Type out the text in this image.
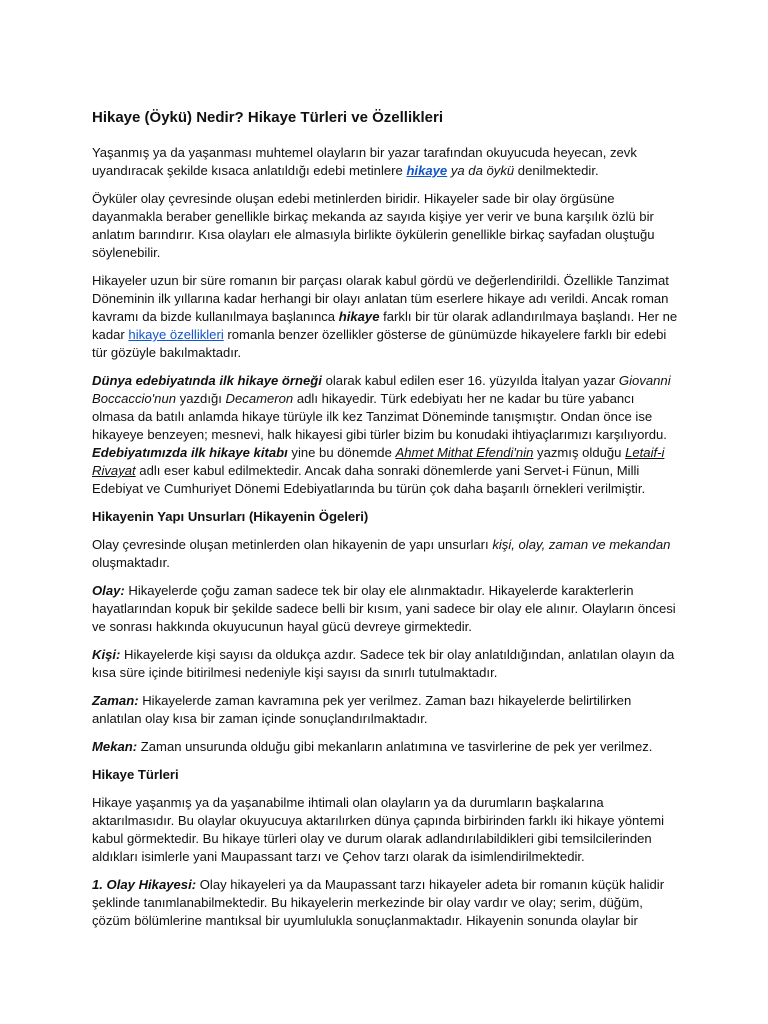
Hikaye (Öykü) Nedir? Hikaye Türleri ve Özellikleri

Yaşanmış ya da yaşanması muhtemel olayların bir yazar tarafından okuyucuda heyecan, zevk uyandıracak şekilde kısaca anlatıldığı edebi metinlere hikaye ya da öykü denilmektedir.

Öyküler olay çevresinde oluşan edebi metinlerden biridir. Hikayeler sade bir olay örgüsüne dayanmakla beraber genellikle birkaç mekanda az sayıda kişiye yer verir ve buna karşılık özlü bir anlatım barındırır. Kısa olayları ele almasıyla birlikte öykülerin genellikle birkaç sayfadan oluştuğu söylenebilir.

Hikayeler uzun bir süre romanın bir parçası olarak kabul gördü ve değerlendirildi. Özellikle Tanzimat Döneminin ilk yıllarına kadar herhangi bir olayı anlatan tüm eserlere hikaye adı verildi. Ancak roman kavramı da bizde kullanılmaya başlanınca hikaye farklı bir tür olarak adlandırılmaya başlandı. Her ne kadar hikaye özellikleri romanla benzer özellikler gösterse de günümüzde hikayelere farklı bir edebi tür gözüyle bakılmaktadır.

Dünya edebiyatında ilk hikaye örneği olarak kabul edilen eser 16. yüzyılda İtalyan yazar Giovanni Boccaccio'nun yazdığı Decameron adlı hikayedir. Türk edebiyatı her ne kadar bu türe yabancı olmasa da batılı anlamda hikaye türüyle ilk kez Tanzimat Döneminde tanışmıştır. Ondan önce ise hikayeye benzeyen; mesnevi, halk hikayesi gibi türler bizim bu konudaki ihtiyaçlarımızı karşılıyordu. Edebiyatımızda ilk hikaye kitabı yine bu dönemde Ahmet Mithat Efendi'nin yazmış olduğu Letaif-i Rivayat adlı eser kabul edilmektedir. Ancak daha sonraki dönemlerde yani Servet-i Fünun, Milli Edebiyat ve Cumhuriyet Dönemi Edebiyatlarında bu türün çok daha başarılı örnekleri verilmiştir.

Hikayenin Yapı Unsurları (Hikayenin Ögeleri)

Olay çevresinde oluşan metinlerden olan hikayenin de yapı unsurları kişi, olay, zaman ve mekandan oluşmaktadır.

Olay: Hikayelerde çoğu zaman sadece tek bir olay ele alınmaktadır. Hikayelerde karakterlerin hayatlarından kopuk bir şekilde sadece belli bir kısım, yani sadece bir olay ele alınır. Olayların öncesi ve sonrası hakkında okuyucunun hayal gücü devreye girmektedir.

Kişi: Hikayelerde kişi sayısı da oldukça azdır. Sadece tek bir olay anlatıldığından, anlatılan olayın da kısa süre içinde bitirilmesi nedeniyle kişi sayısı da sınırlı tutulmaktadır.

Zaman: Hikayelerde zaman kavramına pek yer verilmez. Zaman bazı hikayelerde belirtilirken anlatılan olay kısa bir zaman içinde sonuçlandırılmaktadır.

Mekan: Zaman unsurunda olduğu gibi mekanların anlatımına ve tasvirlerine de pek yer verilmez.

Hikaye Türleri

Hikaye yaşanmış ya da yaşanabilme ihtimali olan olayların ya da durumların başkalarına aktarılmasıdır. Bu olaylar okuyucuya aktarılırken dünya çapında birbirinden farklı iki hikaye yöntemi kabul görmektedir. Bu hikaye türleri olay ve durum olarak adlandırılabildikleri gibi temsilcilerinden aldıkları isimlerle yani Maupassant tarzı ve Çehov tarzı olarak da isimlendirilmektedir.

1. Olay Hikayesi: Olay hikayeleri ya da Maupassant tarzı hikayeler adeta bir romanın küçük halidir şeklinde tanımlanabilmektedir. Bu hikayelerin merkezinde bir olay vardır ve olay; serim, düğüm, çözüm bölümlerine mantıksal bir uyumlulukla sonuçlanmaktadır. Hikayenin sonunda olaylar bir
